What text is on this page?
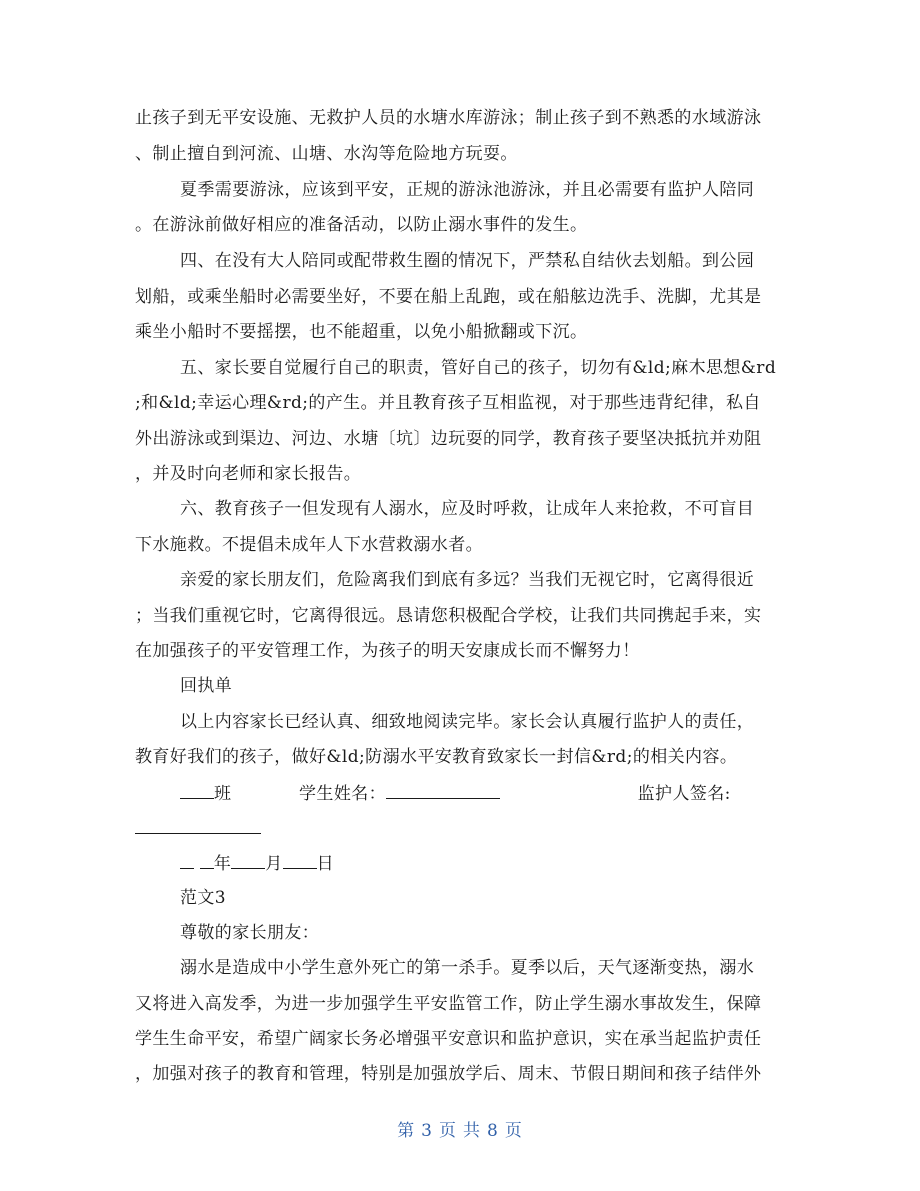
止孩子到无平安设施、无救护人员的水塘水库游泳；制止孩子到不熟悉的水域游泳
、制止擅自到河流、山塘、水沟等危险地方玩耍。
夏季需要游泳，应该到平安，正规的游泳池游泳，并且必需要有监护人陪同
。在游泳前做好相应的准备活动，以防止溺水事件的发生。
四、在没有大人陪同或配带救生圈的情况下，严禁私自结伙去划船。到公园
划船，或乘坐船时必需要坐好，不要在船上乱跑，或在船舷边洗手、洗脚，尤其是
乘坐小船时不要摇摆，也不能超重，以免小船掀翻或下沉。
五、家长要自觉履行自己的职责，管好自己的孩子，切勿有&ld;麻木思想&rd
;和&ld;幸运心理&rd;的产生。并且教育孩子互相监视，对于那些违背纪律，私自
外出游泳或到渠边、河边、水塘〔坑〕边玩耍的同学，教育孩子要坚决抵抗并劝阻
，并及时向老师和家长报告。
六、教育孩子一但发现有人溺水，应及时呼救，让成年人来抢救，不可盲目
下水施救。不提倡未成年人下水营救溺水者。
亲爱的家长朋友们，危险离我们到底有多远？当我们无视它时，它离得很近
；当我们重视它时，它离得很远。恳请您积极配合学校，让我们共同携起手来，实
在加强孩子的平安管理工作，为孩子的明天安康成长而不懈努力！
回执单
以上内容家长已经认真、细致地阅读完毕。家长会认真履行监护人的责任，
教育好我们的孩子，做好&ld;防溺水平安教育致家长一封信&rd;的相关内容。
班	学生姓名：	监护人签名:
年 月 日
范文3
尊敬的家长朋友：
溺水是造成中小学生意外死亡的第一杀手。夏季以后，天气逐渐变热，溺水
又将进入高发季，为进一步加强学生平安监管工作，防止学生溺水事故发生，保障
学生生命平安，希望广阔家长务必增强平安意识和监护意识，实在承当起监护责任
，加强对孩子的教育和管理，特别是加强放学后、周末、节假日期间和孩子结伴外
第 3 页 共 8 页
